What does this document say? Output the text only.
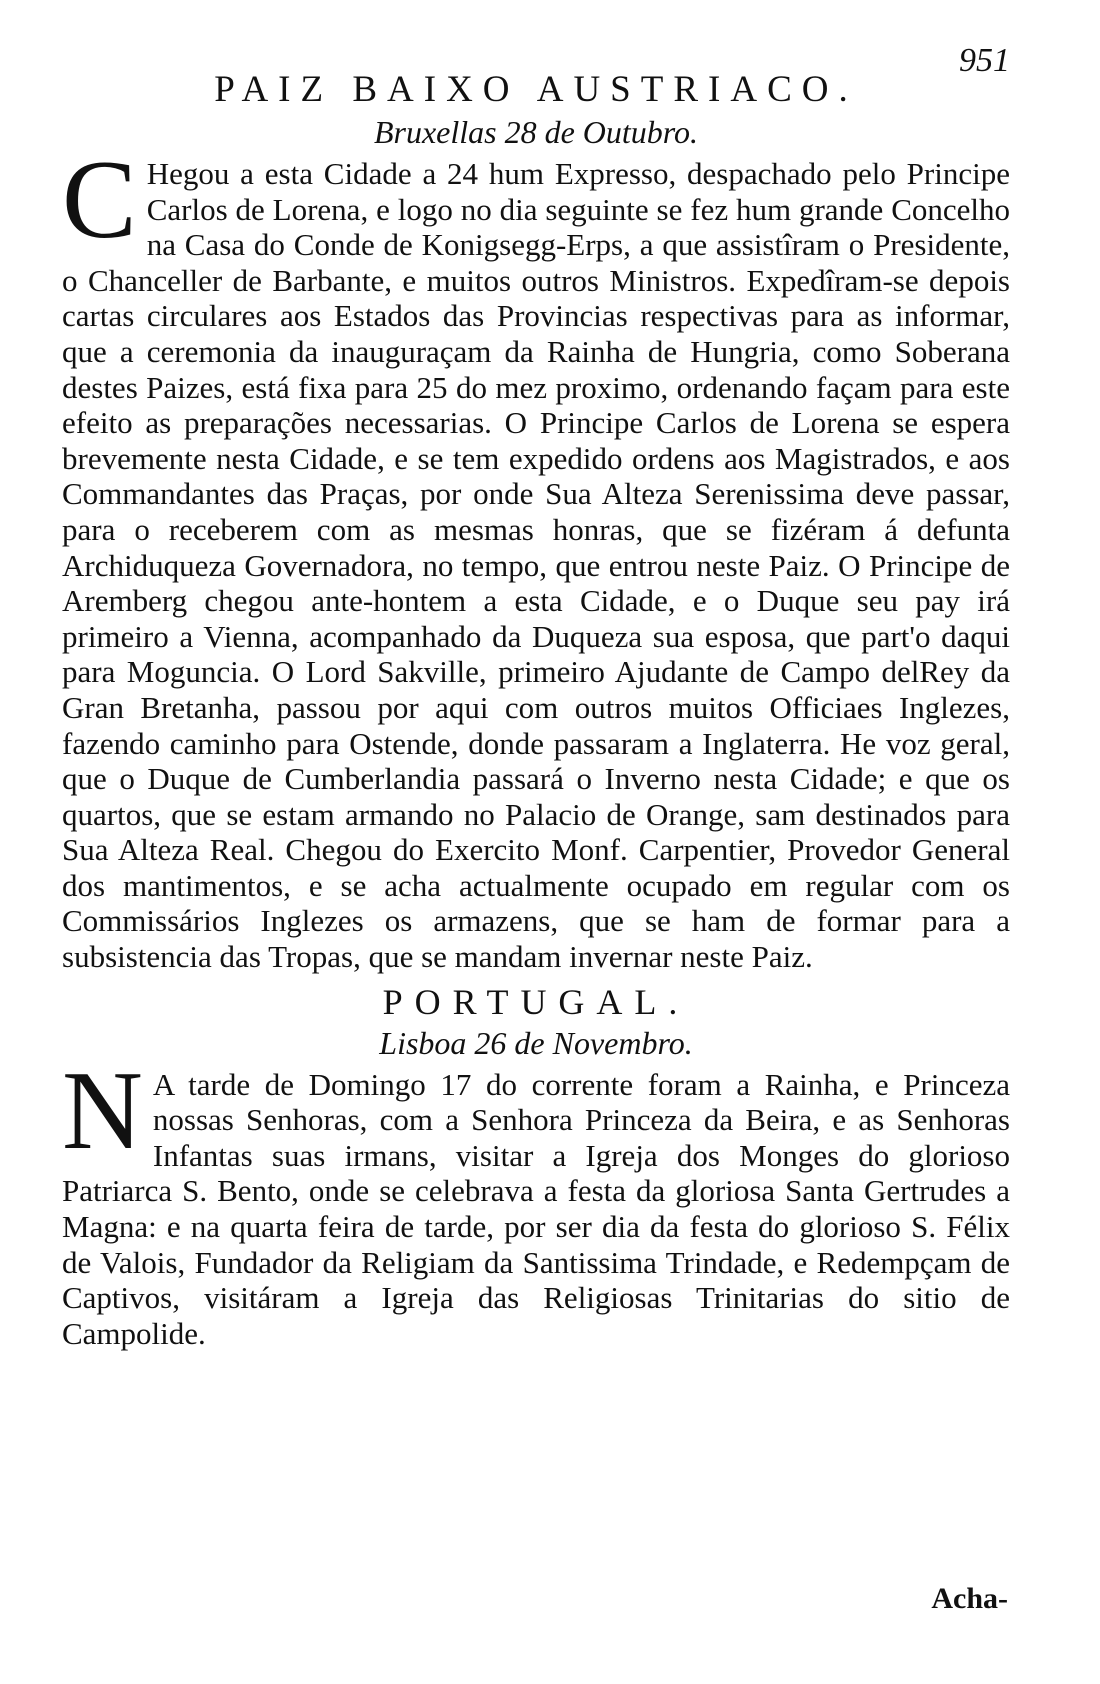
951
PAIZ BAIXO AUSTRIACO.
Bruxellas 28 de Outubro.

C Hegou a esta Cidade a 24 hum Expresso, despachado pelo Principe Carlos de Lorena, e logo no dia seguinte se fez hum grande Concelho na Casa do Conde de Konigsegg-Erps, a que assistîram o Presidente, o Chanceller de Barbante, e muitos outros Ministros. Expedîram-se depois cartas circulares aos Estados das Provincias respectivas para as informar, que a ceremonia da inauguraçam da Rainha de Hungria, como Soberana destes Paizes, está fixa para 25 do mez proximo, ordenando façam para este efeito as preparações necessarias. O Principe Carlos de Lorena se espera brevemente nesta Cidade, e se tem expedido ordens aos Magistrados, e aos Commandantes das Praças, por onde Sua Alteza Serenissima deve passar, para o receberem com as mesmas honras, que se fizéram á defunta Archiduqueza Governadora, no tempo, que entrou neste Paiz. O Principe de Aremberg chegou ante-hontem a esta Cidade, e o Duque seu pay irá primeiro a Vienna, acompanhado da Duqueza sua esposa, que part'o daqui para Moguncia. O Lord Sakville, primeiro Ajudante de Campo delRey da Gran Bretanha, passou por aqui com outros muitos Officiaes Inglezes, fazendo caminho para Ostende, donde passaram a Inglaterra. He voz geral, que o Duque de Cumberlandia passará o Inverno nesta Cidade; e que os quartos, que se estam armando no Palacio de Orange, sam destinados para Sua Alteza Real. Chegou do Exercito Monf. Carpentier, Provedor General dos mantimentos, e se acha actualmente ocupado em regular com os Commissários Inglezes os armazens, que se ham de formar para a subsistencia das Tropas, que se mandam invernar neste Paiz.

PORTUGAL.
Lisboa 26 de Novembro.

N A tarde de Domingo 17 do corrente foram a Rainha, e Princeza nossas Senhoras, com a Senhora Princeza da Beira, e as Senhoras Infantas suas irmans, visitar a Igreja dos Monges do glorioso Patriarca S. Bento, onde se celebrava a festa da gloriosa Santa Gertrudes a Magna: e na quarta feira de tarde, por ser dia da festa do glorioso S. Félix de Valois, Fundador da Religiam da Santissima Trindade, e Redempçam de Captivos, visitáram a Igreja das Religiosas Trinitarias do sitio de Campolide.

Acha-
